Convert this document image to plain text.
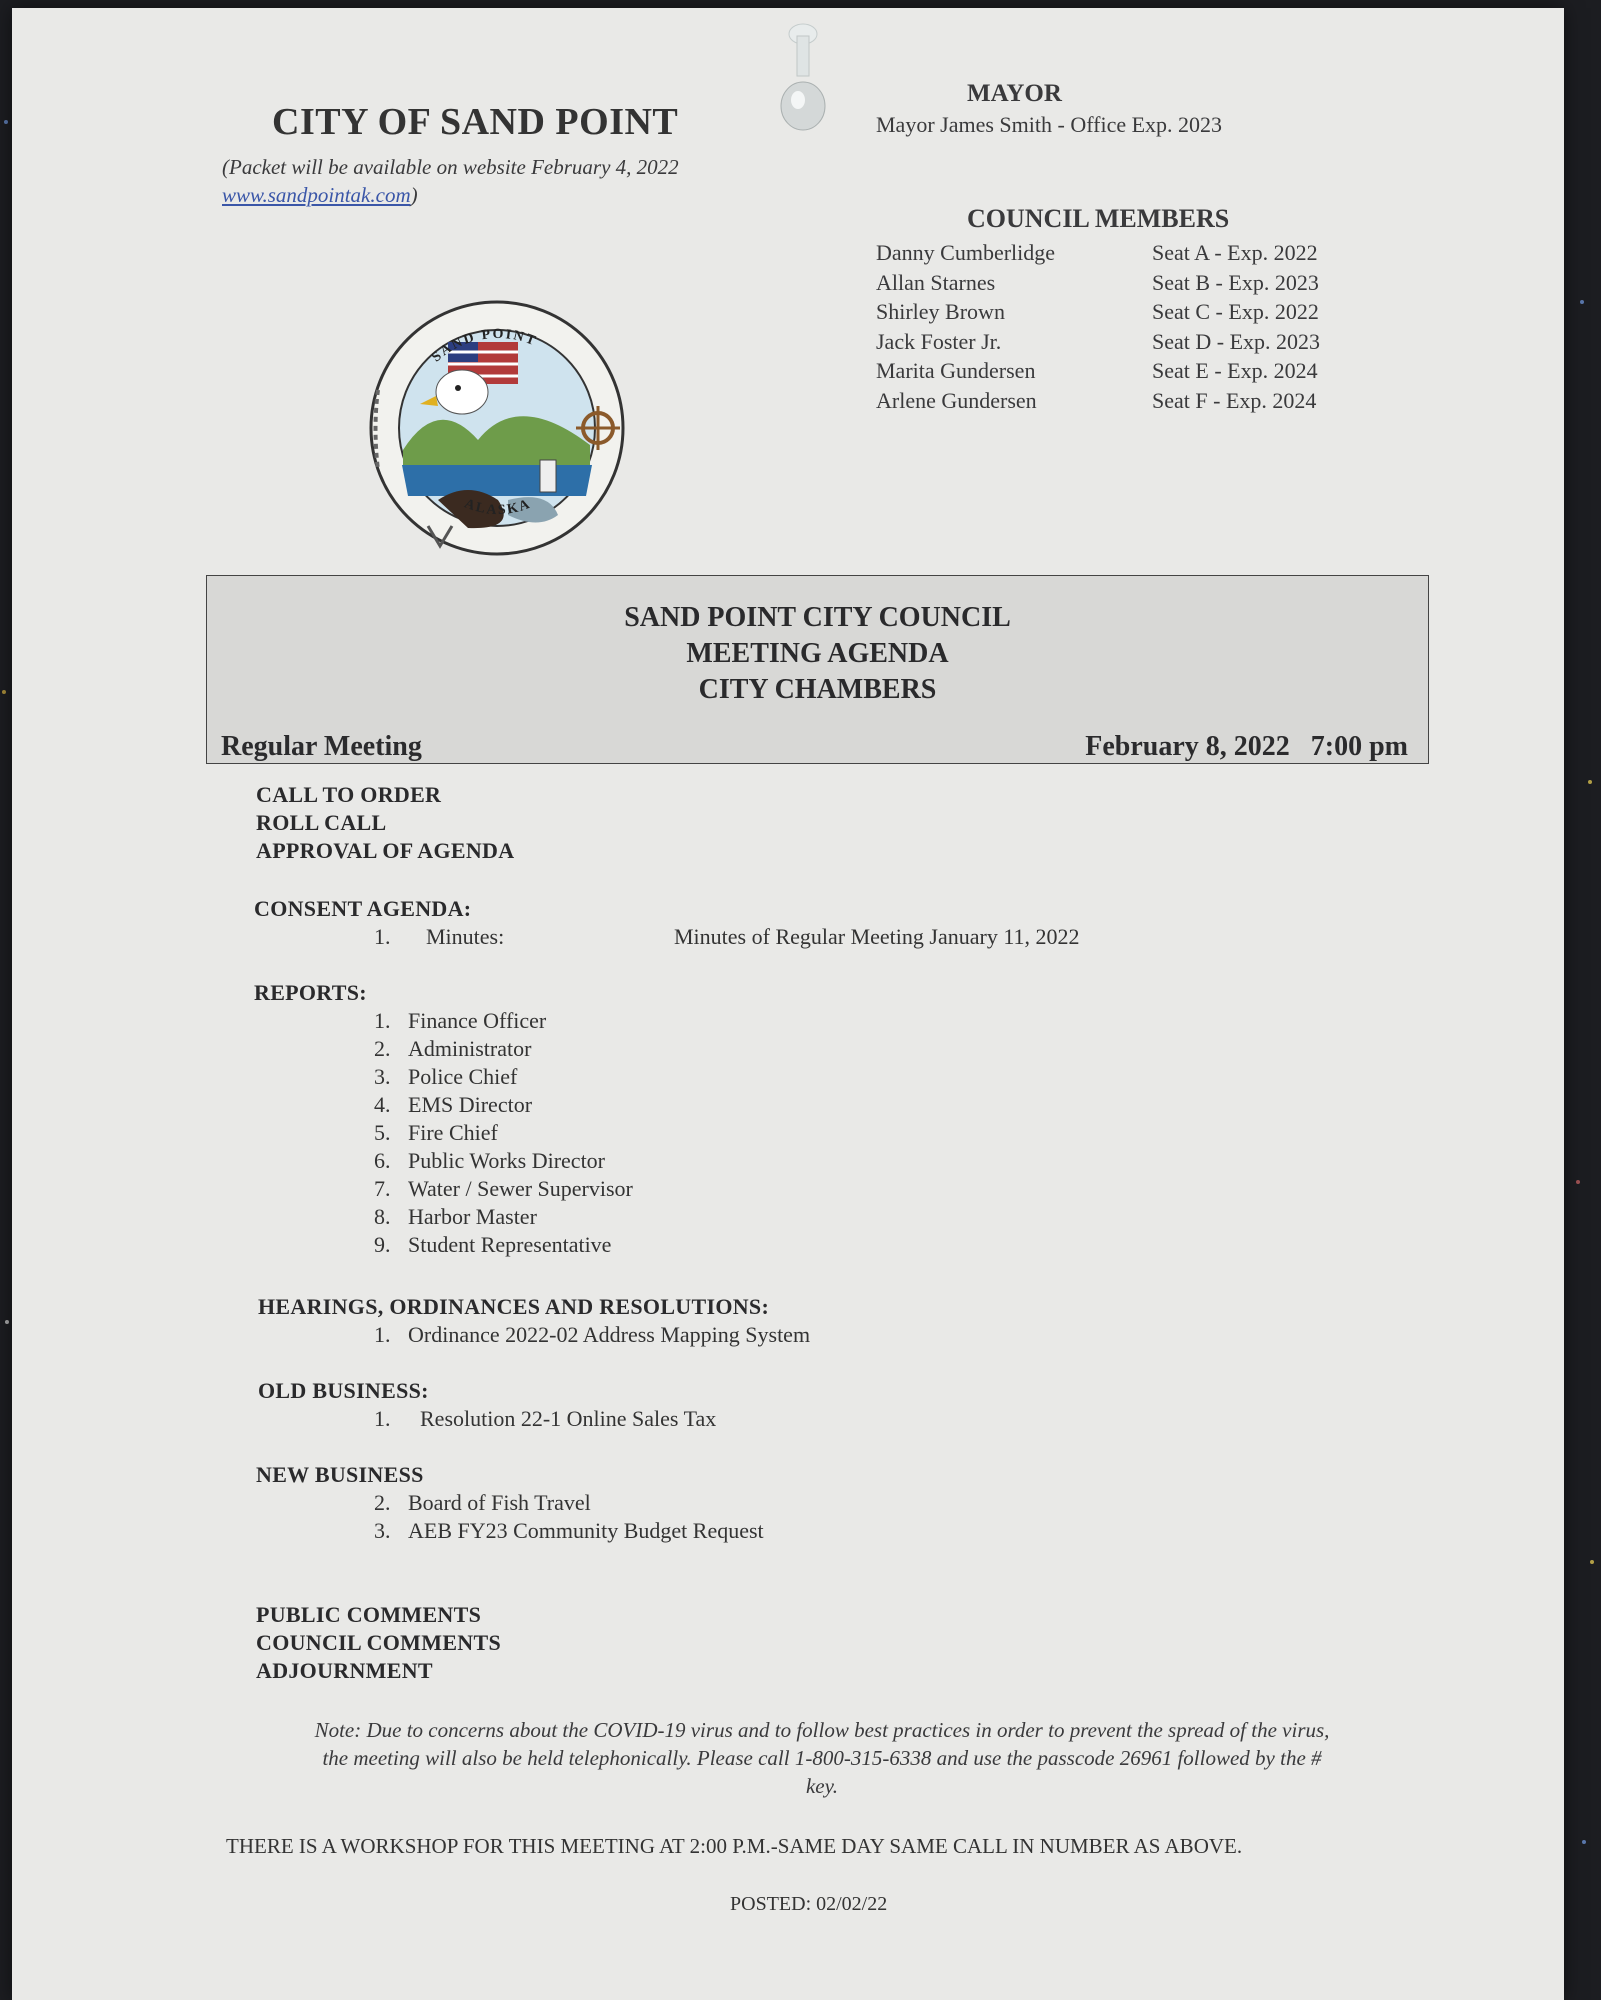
CITY OF SAND POINT
(Packet will be available on website February 4, 2022 www.sandpointak.com)
MAYOR
Mayor James Smith - Office Exp. 2023
COUNCIL MEMBERS
Danny Cumberlidge	Seat A - Exp. 2022
Allan Starnes	Seat B - Exp. 2023
Shirley Brown	Seat C - Exp. 2022
Jack Foster Jr.	Seat D - Exp. 2023
Marita Gundersen	Seat E - Exp. 2024
Arlene Gundersen	Seat F - Exp. 2024
SAND POINT
ALASKA
SAND POINT CITY COUNCIL
MEETING AGENDA
CITY CHAMBERS
Regular Meeting	February 8, 2022   7:00 pm
CALL TO ORDER
ROLL CALL
APPROVAL OF AGENDA
CONSENT AGENDA:
1. Minutes:	Minutes of Regular Meeting January 11, 2022
REPORTS:
1. Finance Officer
2. Administrator
3. Police Chief
4. EMS Director
5. Fire Chief
6. Public Works Director
7. Water / Sewer Supervisor
8. Harbor Master
9. Student Representative
HEARINGS, ORDINANCES AND RESOLUTIONS:
1. Ordinance 2022-02 Address Mapping System
OLD BUSINESS:
1. Resolution 22-1 Online Sales Tax
NEW BUSINESS
2. Board of Fish Travel
3. AEB FY23 Community Budget Request
PUBLIC COMMENTS
COUNCIL COMMENTS
ADJOURNMENT
Note: Due to concerns about the COVID-19 virus and to follow best practices in order to prevent the spread of the virus, the meeting will also be held telephonically. Please call 1-800-315-6338 and use the passcode 26961 followed by the # key.
THERE IS A WORKSHOP FOR THIS MEETING AT 2:00 P.M.-SAME DAY SAME CALL IN NUMBER AS ABOVE.
POSTED: 02/02/22
